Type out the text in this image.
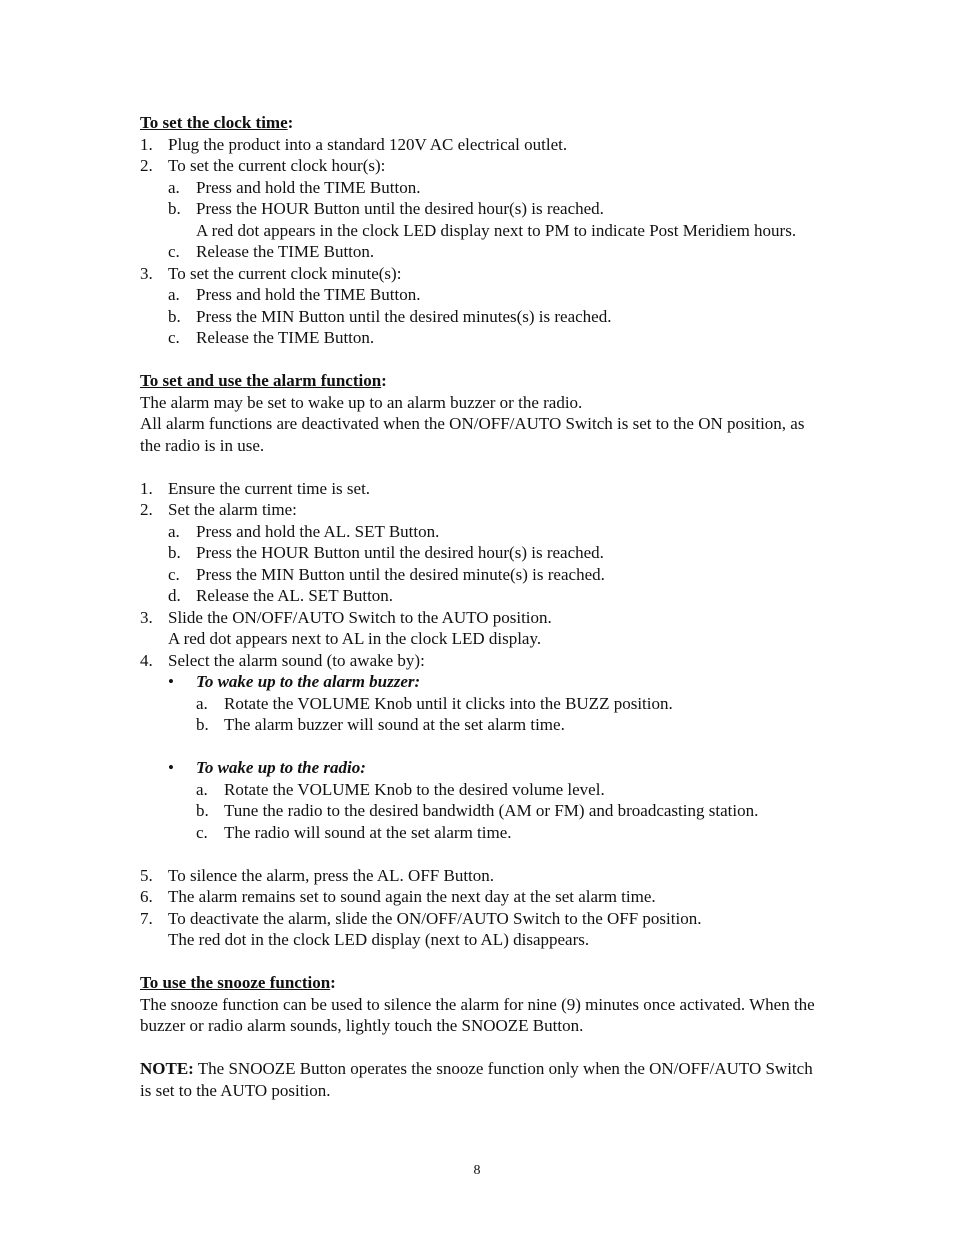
To set the clock time:
1. Plug the product into a standard 120V AC electrical outlet.
2. To set the current clock hour(s):
a. Press and hold the TIME Button.
b. Press the HOUR Button until the desired hour(s) is reached.
A red dot appears in the clock LED display next to PM to indicate Post Meridiem hours.
c. Release the TIME Button.
3. To set the current clock minute(s):
a. Press and hold the TIME Button.
b. Press the MIN Button until the desired minutes(s) is reached.
c. Release the TIME Button.
To set and use the alarm function:
The alarm may be set to wake up to an alarm buzzer or the radio.
All alarm functions are deactivated when the ON/OFF/AUTO Switch is set to the ON position, as
the radio is in use.
1. Ensure the current time is set.
2. Set the alarm time:
a. Press and hold the AL. SET Button.
b. Press the HOUR Button until the desired hour(s) is reached.
c. Press the MIN Button until the desired minute(s) is reached.
d. Release the AL. SET Button.
3. Slide the ON/OFF/AUTO Switch to the AUTO position.
A red dot appears next to AL in the clock LED display.
4. Select the alarm sound (to awake by):
• To wake up to the alarm buzzer:
a. Rotate the VOLUME Knob until it clicks into the BUZZ position.
b. The alarm buzzer will sound at the set alarm time.
• To wake up to the radio:
a. Rotate the VOLUME Knob to the desired volume level.
b. Tune the radio to the desired bandwidth (AM or FM) and broadcasting station.
c. The radio will sound at the set alarm time.
5. To silence the alarm, press the AL. OFF Button.
6. The alarm remains set to sound again the next day at the set alarm time.
7. To deactivate the alarm, slide the ON/OFF/AUTO Switch to the OFF position.
The red dot in the clock LED display (next to AL) disappears.
To use the snooze function:
The snooze function can be used to silence the alarm for nine (9) minutes once activated. When the
buzzer or radio alarm sounds, lightly touch the SNOOZE Button.
NOTE: The SNOOZE Button operates the snooze function only when the ON/OFF/AUTO Switch
is set to the AUTO position.
8
